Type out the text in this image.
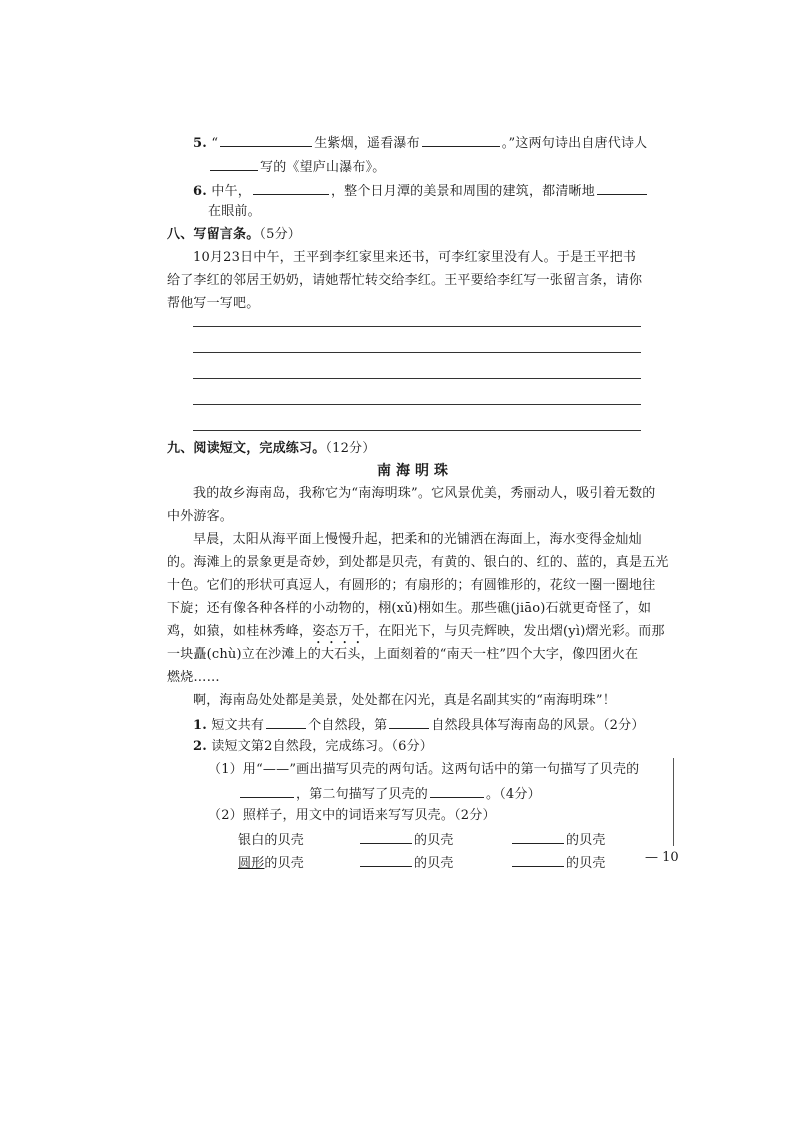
5. “	生紫烟，遥看瀑布	。”这两句诗出自唐代诗人
写的《望庐山瀑布》。
6. 中午，	，整个日月潭的美景和周围的建筑，都清晰地
在眼前。
八、写留言条。（5分）
10月23日中午，王平到李红家里来还书，可李红家里没有人。于是王平把书
给了李红的邻居王奶奶，请她帮忙转交给李红。王平要给李红写一张留言条，请你
帮他写一写吧。
九、阅读短文，完成练习。（12分）
南海明珠
我的故乡海南岛，我称它为“南海明珠”。它风景优美，秀丽动人，吸引着无数的
中外游客。
早晨，太阳从海平面上慢慢升起，把柔和的光铺洒在海面上，海水变得金灿灿
的。海滩上的景象更是奇妙，到处都是贝壳，有黄的、银白的、红的、蓝的，真是五光
十色。它们的形状可真逗人，有圆形的；有扇形的；有圆锥形的，花纹一圈一圈地往
下旋；还有像各种各样的小动物的，栩(xǔ)栩如生。那些礁(jiāo)石就更奇怪了，如
鸡，如猿，如桂林秀峰，姿态万千，在阳光下，与贝壳辉映，发出熠(yì)熠光彩。而那
一块矗(chù)立在沙滩上的大石头，上面刻着的“南天一柱”四个大字，像四团火在
燃烧……
啊，海南岛处处都是美景，处处都在闪光，真是名副其实的“南海明珠”！
1. 短文共有	个自然段，第	自然段具体写海南岛的风景。（2分）
2. 读短文第2自然段，完成练习。（6分）
（1）用“——”画出描写贝壳的两句话。这两句话中的第一句描写了贝壳的
，第二句描写了贝壳的	。（4分）
（2）照样子，用文中的词语来写写贝壳。（2分）
银白的贝壳	的贝壳	的贝壳
圆形的贝壳	的贝壳	的贝壳	— 10
